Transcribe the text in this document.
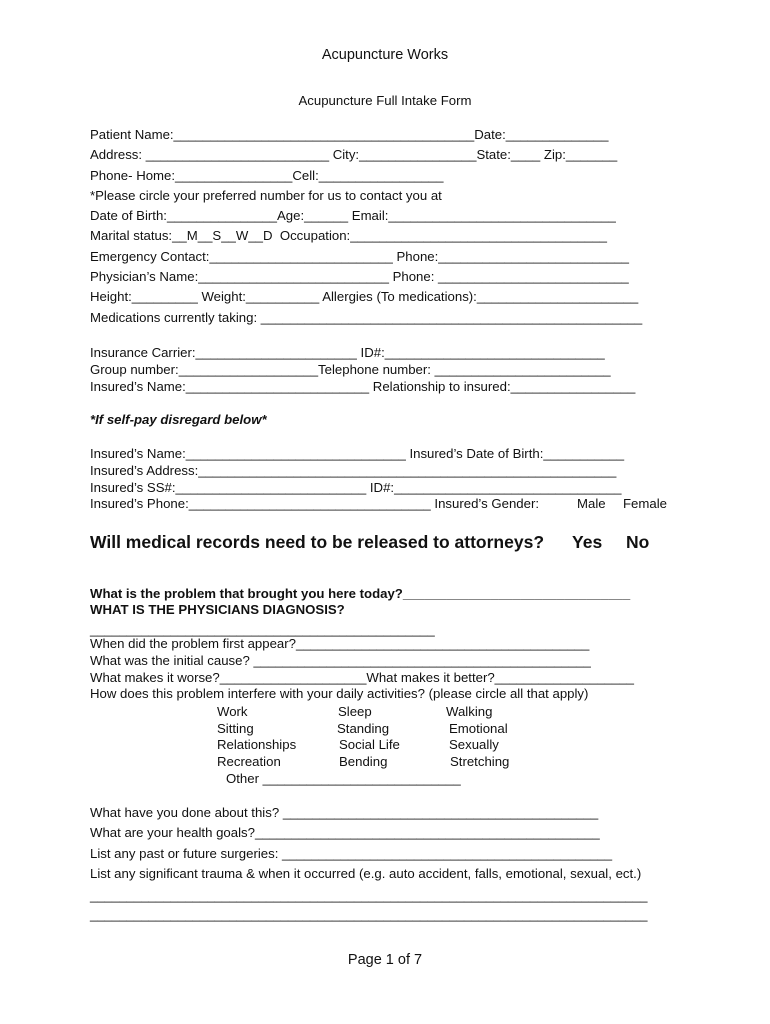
Acupuncture Works
Acupuncture Full Intake Form
Patient Name:_________________________________________Date:______________
Address: _________________________ City:________________State:____ Zip:_______
Phone- Home:________________Cell:_________________
*Please circle your preferred number for us to contact you at
Date of Birth:_______________Age:______ Email:_______________________________
Marital status:__M__S__W__D  Occupation:___________________________________
Emergency Contact:_________________________ Phone:__________________________
Physician’s Name:__________________________ Phone: __________________________
Height:_________ Weight:__________ Allergies (To medications):______________________
Medications currently taking: ____________________________________________________
Insurance Carrier:______________________ ID#:______________________________
Group number:___________________Telephone number: ________________________
Insured’s Name:_________________________ Relationship to insured:_________________
*If self-pay disregard below*
Insured’s Name:______________________________ Insured’s Date of Birth:___________
Insured’s Address:_________________________________________________________
Insured’s SS#:__________________________ ID#:_______________________________
Insured’s Phone:_________________________________ Insured’s Gender:	Male Female
Will medical records need to be released to attorneys? Yes No
What is the problem that brought you here today?_______________________________
WHAT IS THE PHYSICIANS DIAGNOSIS?
_______________________________________________
When did the problem first appear?________________________________________
What was the initial cause? ______________________________________________
What makes it worse?____________________What makes it better?___________________
How does this problem interfere with your daily activities? (please circle all that apply)
Work	Sleep	Walking
Sitting	Standing	Emotional
Relationships	Social Life	Sexually
Recreation	Bending	Stretching
Other ___________________________
What have you done about this? ___________________________________________
What are your health goals?_______________________________________________
List any past or future surgeries: _____________________________________________
List any significant trauma & when it occurred (e.g. auto accident, falls, emotional, sexual, ect.)
____________________________________________________________________________
____________________________________________________________________________
Page 1 of 7
